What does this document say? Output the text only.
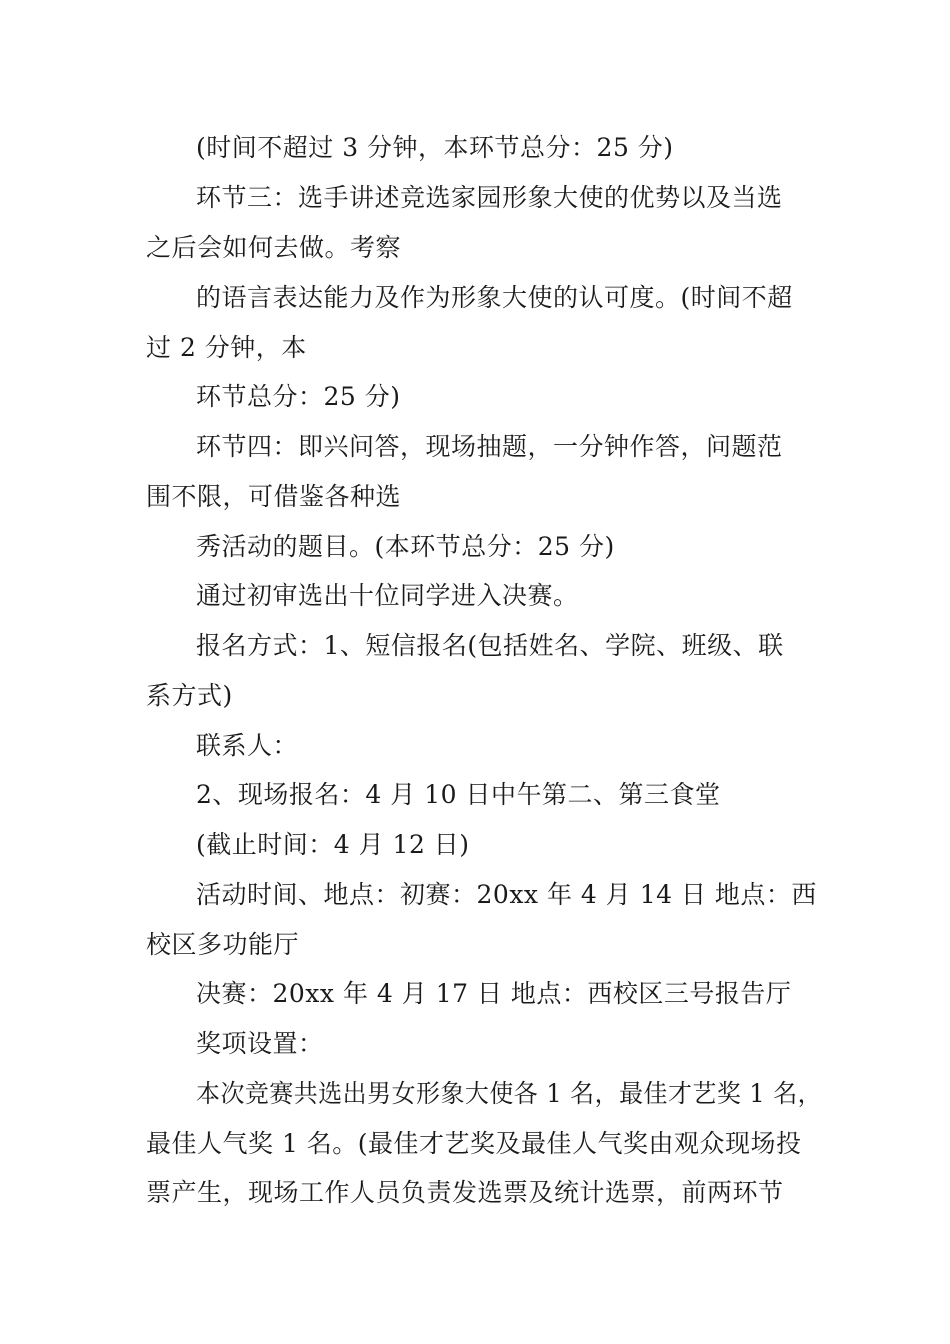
(时间不超过 3 分钟，本环节总分：25 分)

环节三：选手讲述竞选家园形象大使的优势以及当选

之后会如何去做。考察

的语言表达能力及作为形象大使的认可度。(时间不超

过 2 分钟，本

环节总分：25 分)

环节四：即兴问答，现场抽题，一分钟作答，问题范

围不限，可借鉴各种选

秀活动的题目。(本环节总分：25 分)

通过初审选出十位同学进入决赛。

报名方式：1、短信报名(包括姓名、学院、班级、联

系方式)

联系人：

2、现场报名：4 月 10 日中午第二、第三食堂

(截止时间：4 月 12 日)

活动时间、地点：初赛：20xx 年 4 月 14 日 地点：西

校区多功能厅

决赛：20xx 年 4 月 17 日 地点：西校区三号报告厅

奖项设置：

本次竞赛共选出男女形象大使各 1 名，最佳才艺奖 1 名，

最佳人气奖 1 名。(最佳才艺奖及最佳人气奖由观众现场投

票产生，现场工作人员负责发选票及统计选票，前两环节
